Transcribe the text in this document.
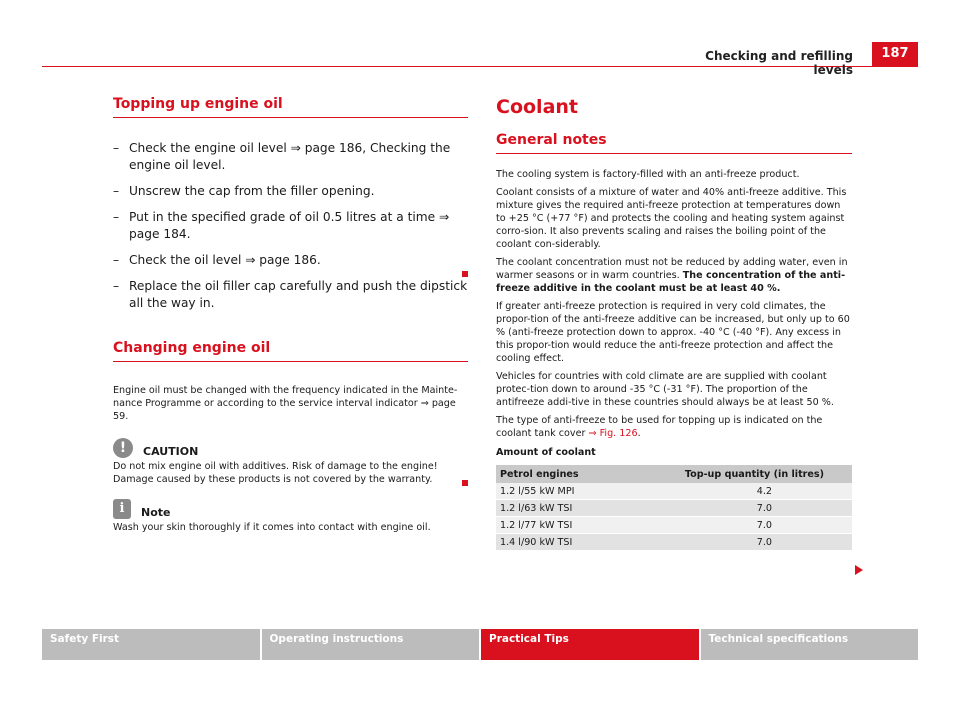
Checking and refilling levels
187
Topping up engine oil
– Check the engine oil level ⇒ page 186, Checking the engine oil level.
– Unscrew the cap from the filler opening.
– Put in the specified grade of oil 0.5 litres at a time ⇒ page 184.
– Check the oil level ⇒ page 186.
– Replace the oil filler cap carefully and push the dipstick all the way in.
Changing engine oil

Engine oil must be changed with the frequency indicated in the Mainte-nance Programme or according to the service interval indicator ⇒ page 59.

!	CAUTION

Do not mix engine oil with additives. Risk of damage to the engine! Damage caused by these products is not covered by the warranty.

i	Note

Wash your skin thoroughly if it comes into contact with engine oil.

Coolant
General notes

The cooling system is factory-filled with an anti-freeze product.

Coolant consists of a mixture of water and 40% anti-freeze additive. This mixture gives the required anti-freeze protection at temperatures down to +25 °C (+77 °F) and protects the cooling and heating system against corro-sion. It also prevents scaling and raises the boiling point of the coolant con-siderably.

The coolant concentration must not be reduced by adding water, even in warmer seasons or in warm countries. The concentration of the anti-freeze additive in the coolant must be at least 40 %.

If greater anti-freeze protection is required in very cold climates, the propor-tion of the anti-freeze additive can be increased, but only up to 60 % (anti-freeze protection down to approx. -40 °C (-40 °F). Any excess in this propor-tion would reduce the anti-freeze protection and affect the cooling effect.

Vehicles for countries with cold climate are are supplied with coolant protec-tion down to around -35 °C (-31 °F). The proportion of the antifreeze addi-tive in these countries should always be at least 50 %.

The type of anti-freeze to be used for topping up is indicated on the coolant tank cover ⇒ Fig. 126.

Amount of coolant

Petrol engines	Top-up quantity (in litres)
1.2 l/55 kW MPI	4.2
1.2 l/63 kW TSI	7.0
1.2 l/77 kW TSI	7.0
1.4 l/90 kW TSI	7.0
Safety First	Operating instructions	Practical Tips	Technical specifications
